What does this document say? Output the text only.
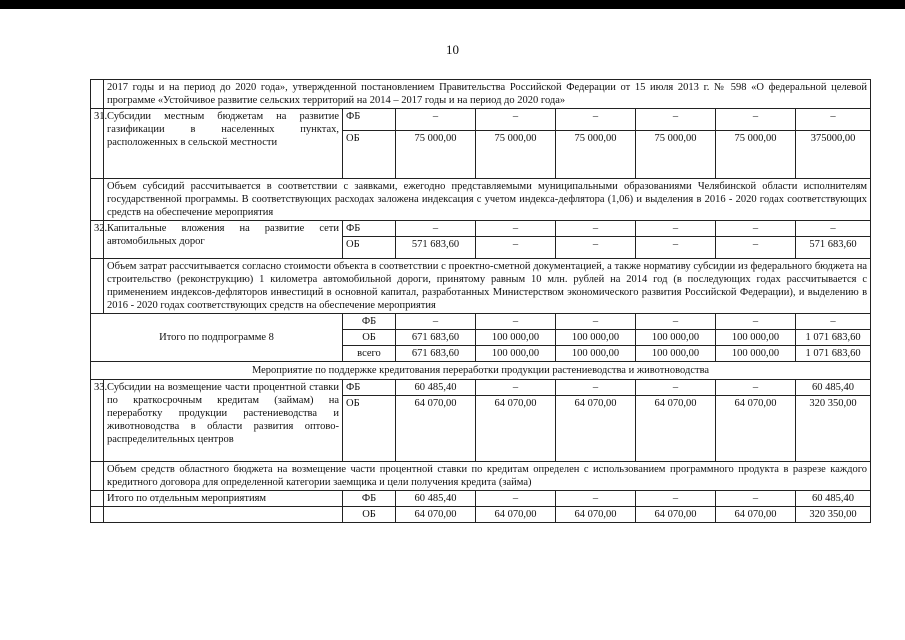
10
	2017 годы и на период до 2020 года», утвержденной постановлением Правительства Российской Федерации от 15 июля 2013 г. № 598 «О федеральной целевой программе «Устойчивое развитие сельских территорий на 2014 – 2017 годы и на период до 2020 года»							
31.	Субсидии местным бюджетам на развитие газификации в населенных пунктах, расположенных в сельской местности	ФБ	–	–	–	–	–	–
		ОБ	75 000,00	75 000,00	75 000,00	75 000,00	75 000,00	375000,00
	Объем субсидий рассчитывается в соответствии с заявками, ежегодно представляемыми муниципальными образованиями Челябинской области исполнителям государственной программы. В соответствующих расходах заложена индексация с учетом индекса-дефлятора (1,06) и выделения в 2016 - 2020 годах соответствующих средств на обеспечение мероприятия							
32.	Капитальные вложения на развитие сети автомобильных дорог	ФБ	–	–	–	–	–	–
		ОБ	571 683,60	–	–	–	–	571 683,60
	Объем затрат рассчитывается согласно стоимости объекта в соответствии с проектно-сметной документацией, а также нормативу субсидии из федерального бюджета на строительство (реконструкцию) 1 километра автомобильной дороги, принятому равным 10 млн. рублей на 2014 год (в последующих годах рассчитывается с применением индексов-дефляторов инвестиций в основной капитал, разработанных Министерством экономического развития Российской Федерации), и выделению в 2016 - 2020 годах соответствующих средств на обеспечение мероприятия							
Итого по подпрограмме 8		ФБ	–	–	–	–	–	–
		ОБ	671 683,60	100 000,00	100 000,00	100 000,00	100 000,00	1 071 683,60
		всего	671 683,60	100 000,00	100 000,00	100 000,00	100 000,00	1 071 683,60
Мероприятие по поддержке кредитования переработки продукции растениеводства и животноводства								
33.	Субсидии на возмещение части процентной ставки по краткосрочным кредитам (займам) на переработку продукции растениеводства и животноводства в области развития оптово-распределительных центров	ФБ	60 485,40	–	–	–	–	60 485,40
		ОБ	64 070,00	64 070,00	64 070,00	64 070,00	64 070,00	320 350,00
	Объем средств областного бюджета на возмещение части процентной ставки по кредитам определен с использованием программного продукта в разрезе каждого кредитного договора для определенной категории заемщика и цели получения кредита (займа)							
	Итого по отдельным мероприятиям	ФБ	60 485,40	–	–	–	–	60 485,40
		ОБ	64 070,00	64 070,00	64 070,00	64 070,00	64 070,00	320 350,00
